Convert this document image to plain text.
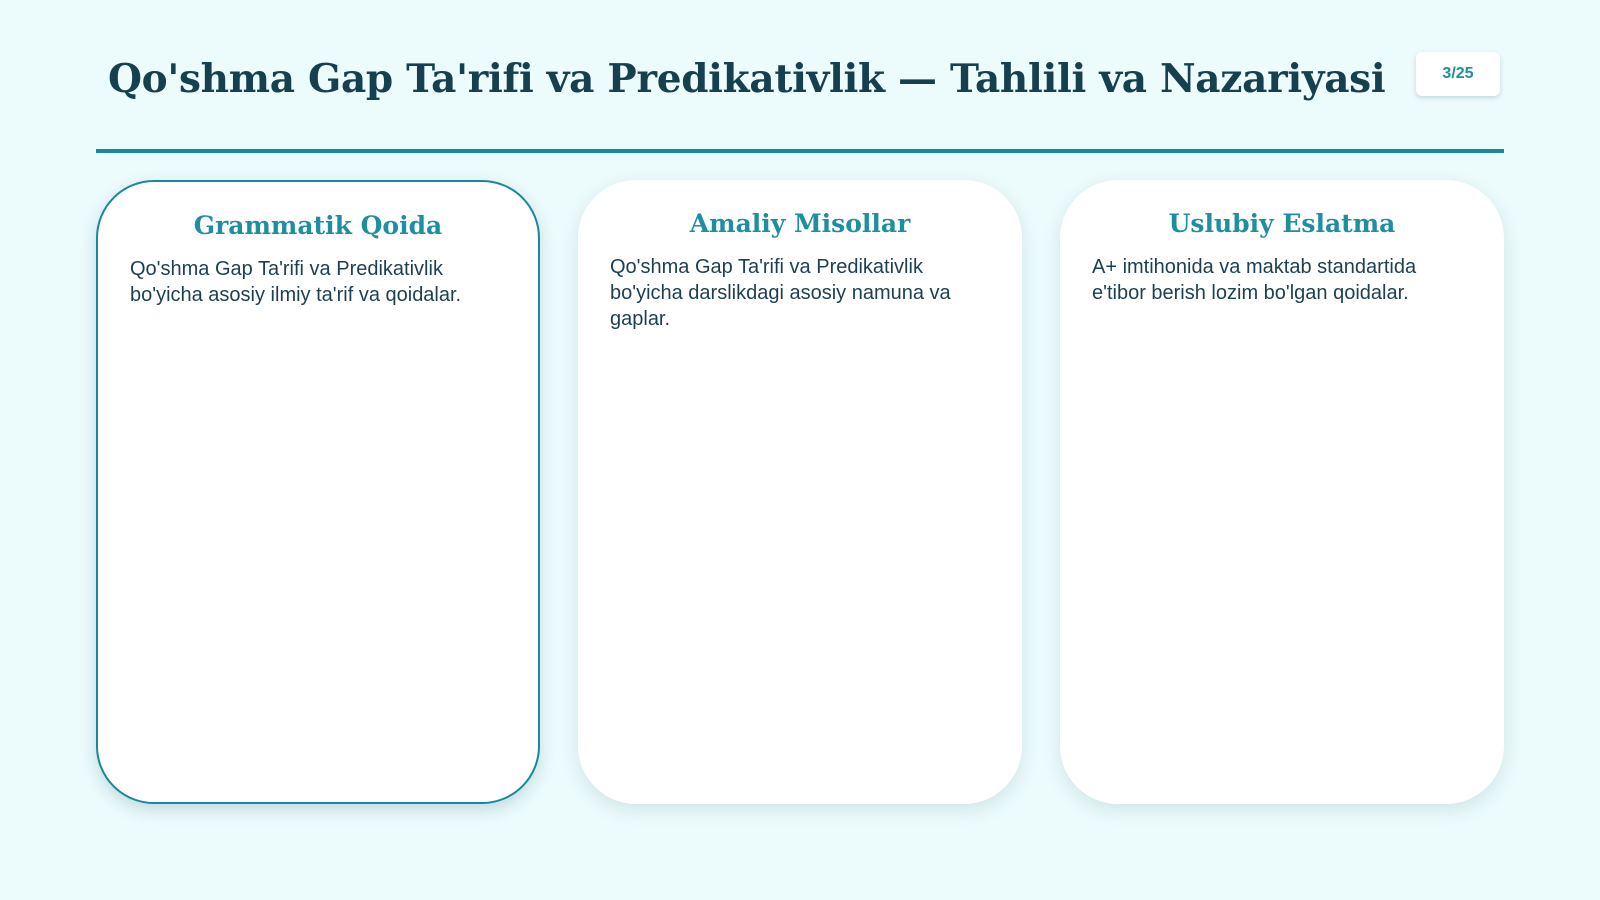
Qo'shma Gap Ta'rifi va Predikativlik — Tahlili va Nazariyasi	3/25
Grammatik Qoida

Qo'shma Gap Ta'rifi va Predikativlik bo'yicha asosiy ilmiy ta'rif va qoidalar.

Amaliy Misollar

Qo'shma Gap Ta'rifi va Predikativlik bo'yicha darslikdagi asosiy namuna va gaplar.

Uslubiy Eslatma

A+ imtihonida va maktab standartida e'tibor berish lozim bo'lgan qoidalar.
